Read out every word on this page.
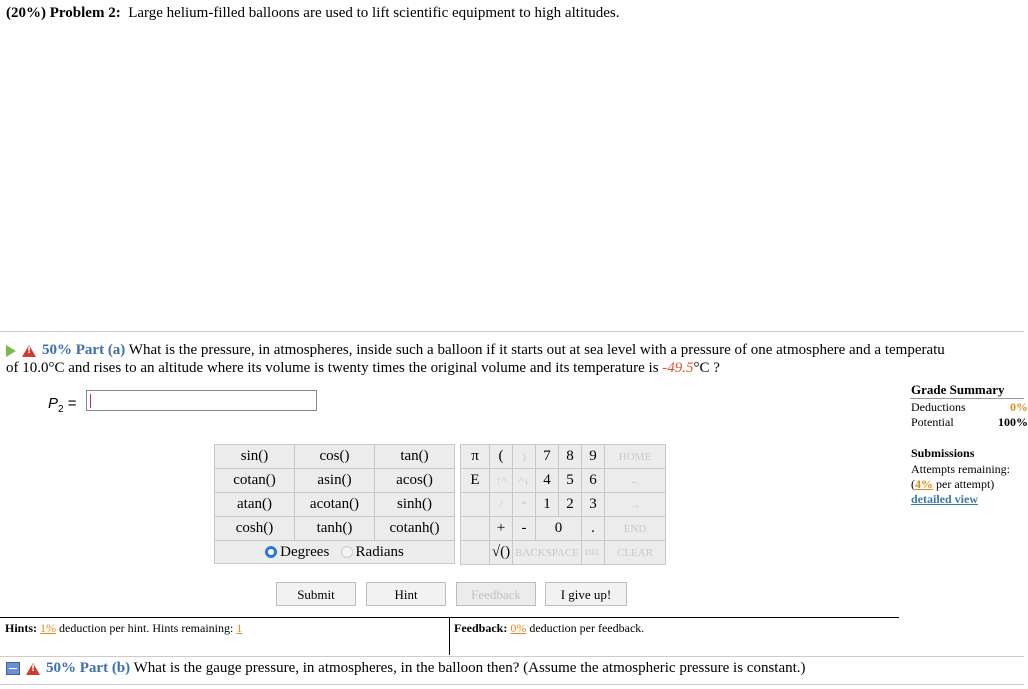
(20%) Problem 2: Large helium-filled balloons are used to lift scientific equipment to high altitudes.
!50% Part (a) What is the pressure, in atmospheres, inside such a balloon if it starts out at sea level with a pressure of one atmosphere and a temperatu
of 10.0°C and rises to an altitude where its volume is twenty times the original volume and its temperature is -49.5°C ?
$P_2$ =
sin()	cos()	tan()
cotan()	asin()	acos()
atan()	acotan()	sinh()
cosh()	tanh()	cotanh()
Degrees Radians		
π	(	)	7	8	9	HOME
E	↑^	^↓	4	5	6	←
	/	*	1	2	3	→
	+	-	0		.	END
	√()	BACKSPACE			DEL	CLEAR
Submit	Hint	Feedback	I give up!
Hints: 1% deduction per hint. Hints remaining: 1	Feedback: 0% deduction per feedback.
Grade Summary
Deductions	0%
Potential	100%
Submissions
Attempts remaining:
(4% per attempt)
detailed view
!50% Part (b) What is the gauge pressure, in atmospheres, in the balloon then? (Assume the atmospheric pressure is constant.)
